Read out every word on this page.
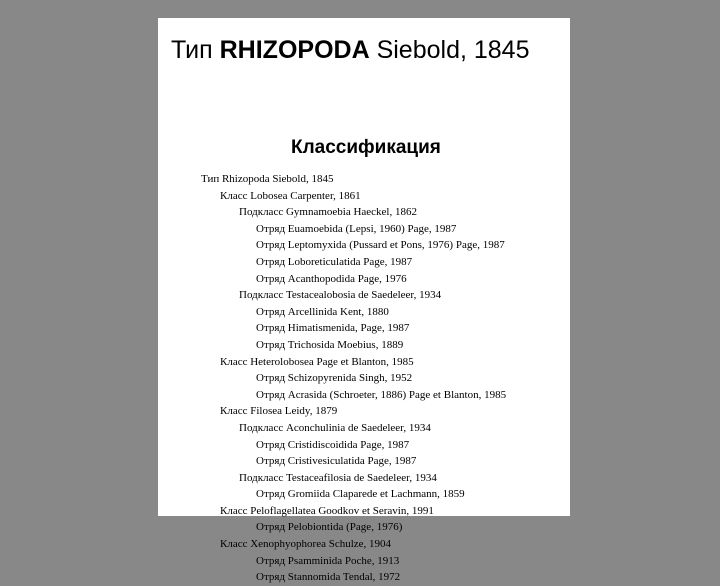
Тип RHIZOPODA Siebold, 1845
Классификация
Тип Rhizopoda Siebold, 1845
Класс Lobosea Carpenter, 1861
Подкласс Gymnamoebia Haeckel, 1862
Отряд Euamoebida (Lepsi, 1960) Page, 1987
Отряд Leptomyxida (Pussard et Pons, 1976) Page, 1987
Отряд Loboreticulatida Page, 1987
Отряд Acanthopodida Page, 1976
Подкласс Testacealobosia de Saedeleer, 1934
Отряд Arcellinida Kent, 1880
Отряд Himatismenida, Page, 1987
Отряд Trichosida Moebius, 1889
Класс Heterolobosea Page et Blanton, 1985
Отряд Schizopyrenida Singh, 1952
Отряд Acrasida (Schroeter, 1886) Page et Blanton, 1985
Класс Filosea Leidy, 1879
Подкласс Aconchulinia de Saedeleer, 1934
Отряд Cristidiscoidida Page, 1987
Отряд Cristivesiculatida Page, 1987
Подкласс Testaceafilosia de Saedeleer, 1934
Отряд Gromiida Claparede et Lachmann, 1859
Класс Peloflagellatea Goodkov et Seravin, 1991
Отряд Pelobiontida (Page, 1976)
Класс Xenophyophorea Schulze, 1904
Отряд Psamminida Poche, 1913
Отряд Stannomida Tendal, 1972
